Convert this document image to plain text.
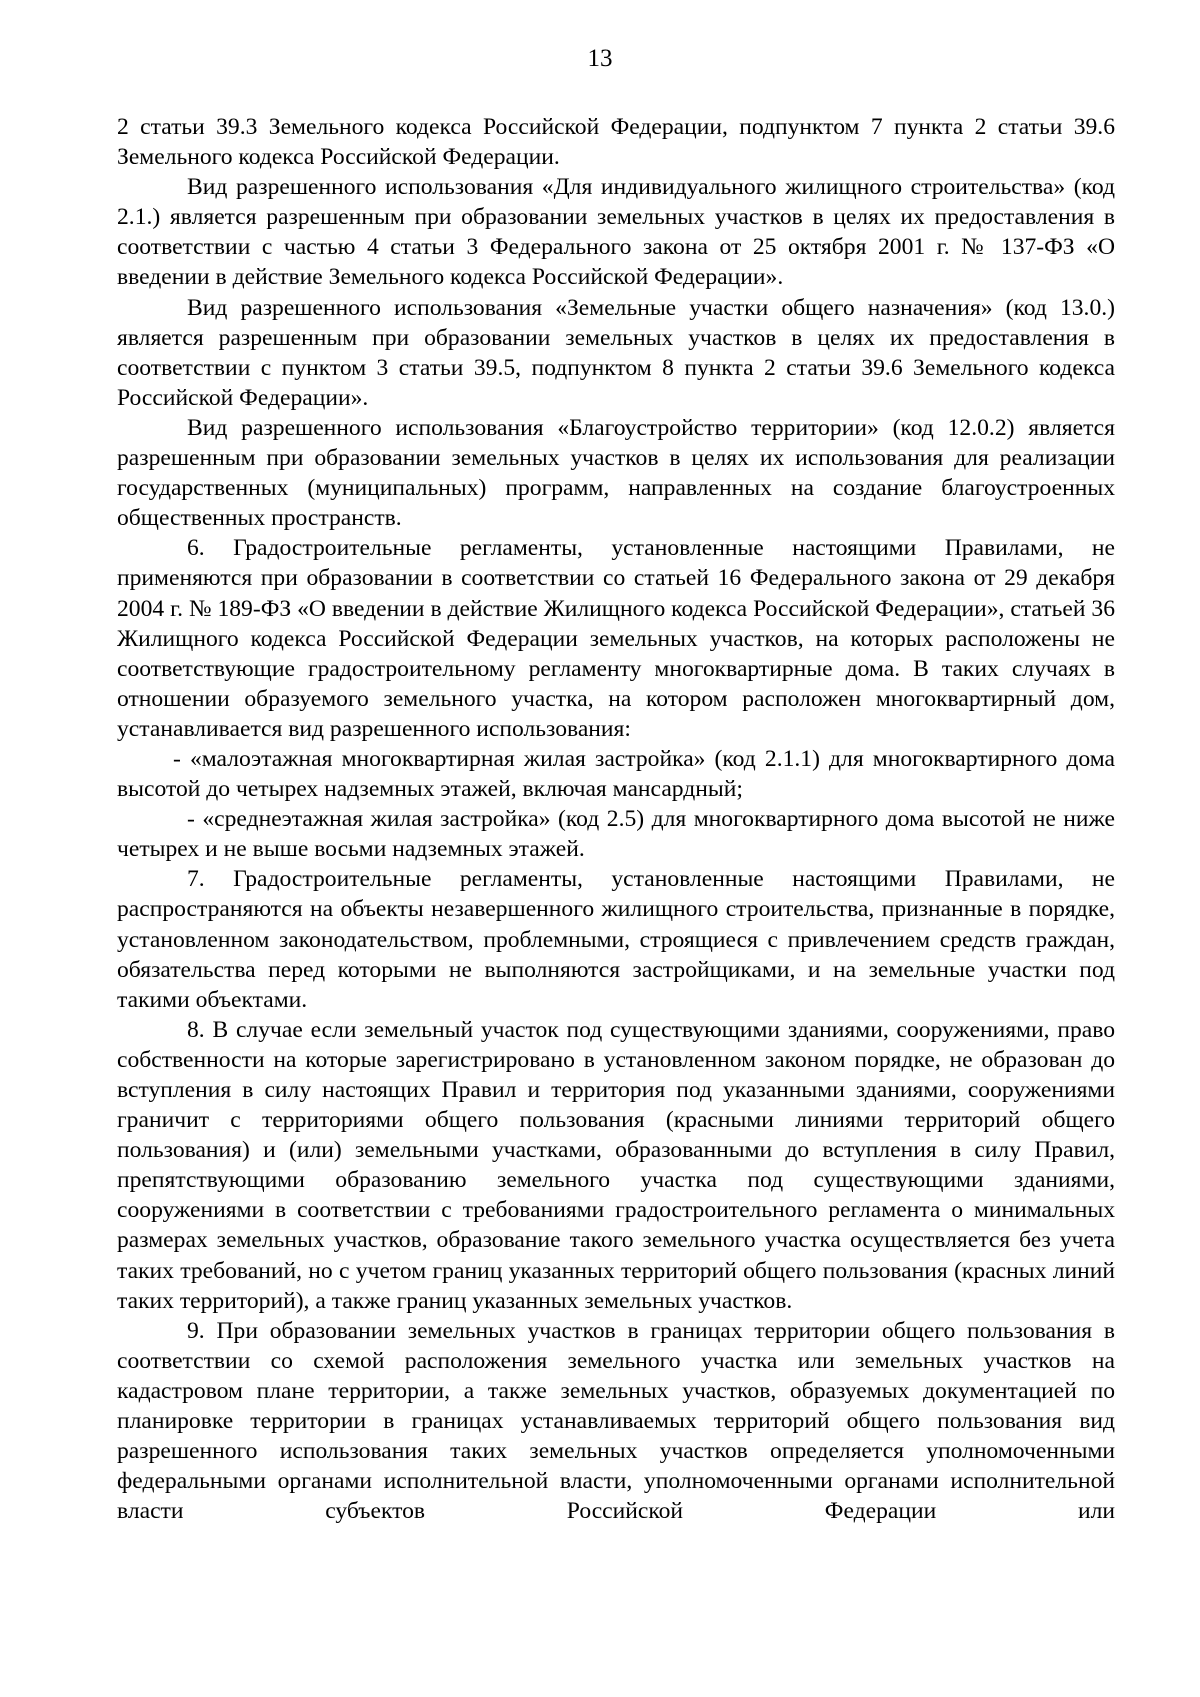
13

2 статьи 39.3 Земельного кодекса Российской Федерации, подпунктом 7 пункта 2 статьи 39.6 Земельного кодекса Российской Федерации.

Вид разрешенного использования «Для индивидуального жилищного строительства» (код 2.1.) является разрешенным при образовании земельных участков в целях их предоставления в соответствии с частью 4 статьи 3 Федерального закона от 25 октября 2001 г. № 137-ФЗ «О введении в действие Земельного кодекса Российской Федерации».

Вид разрешенного использования «Земельные участки общего назначения» (код 13.0.) является разрешенным при образовании земельных участков в целях их предоставления в соответствии с пунктом 3 статьи 39.5, подпунктом 8 пункта 2 статьи 39.6 Земельного кодекса Российской Федерации».

Вид разрешенного использования «Благоустройство территории» (код 12.0.2) является разрешенным при образовании земельных участков в целях их использования для реализации государственных (муниципальных) программ, направленных на создание благоустроенных общественных пространств.

6. Градостроительные регламенты, установленные настоящими Правилами, не применяются при образовании в соответствии со статьей 16 Федерального закона от 29 декабря 2004 г. № 189-ФЗ «О введении в действие Жилищного кодекса Российской Федерации», статьей 36 Жилищного кодекса Российской Федерации земельных участков, на которых расположены не соответствующие градостроительному регламенту многоквартирные дома. В таких случаях в отношении образуемого земельного участка, на котором расположен многоквартирный дом, устанавливается вид разрешенного использования:

- «малоэтажная многоквартирная жилая застройка» (код 2.1.1) для многоквартирного дома высотой до четырех надземных этажей, включая мансардный;

- «среднеэтажная жилая застройка» (код 2.5) для многоквартирного дома высотой не ниже четырех и не выше восьми надземных этажей.

7. Градостроительные регламенты, установленные настоящими Правилами, не распространяются на объекты незавершенного жилищного строительства, признанные в порядке, установленном законодательством, проблемными, строящиеся с привлечением средств граждан, обязательства перед которыми не выполняются застройщиками, и на земельные участки под такими объектами.

8. В случае если земельный участок под существующими зданиями, сооружениями, право собственности на которые зарегистрировано в установленном законом порядке, не образован до вступления в силу настоящих Правил и территория под указанными зданиями, сооружениями граничит с территориями общего пользования (красными линиями территорий общего пользования) и (или) земельными участками, образованными до вступления в силу Правил, препятствующими образованию земельного участка под существующими зданиями, сооружениями в соответствии с требованиями градостроительного регламента о минимальных размерах земельных участков, образование такого земельного участка осуществляется без учета таких требований, но с учетом границ указанных территорий общего пользования (красных линий таких территорий), а также границ указанных земельных участков.

9. При образовании земельных участков в границах территории общего пользования в соответствии со схемой расположения земельного участка или земельных участков на кадастровом плане территории, а также земельных участков, образуемых документацией по планировке территории в границах устанавливаемых территорий общего пользования вид разрешенного использования таких земельных участков определяется уполномоченными федеральными органами исполнительной власти, уполномоченными органами исполнительной власти субъектов Российской Федерации или
